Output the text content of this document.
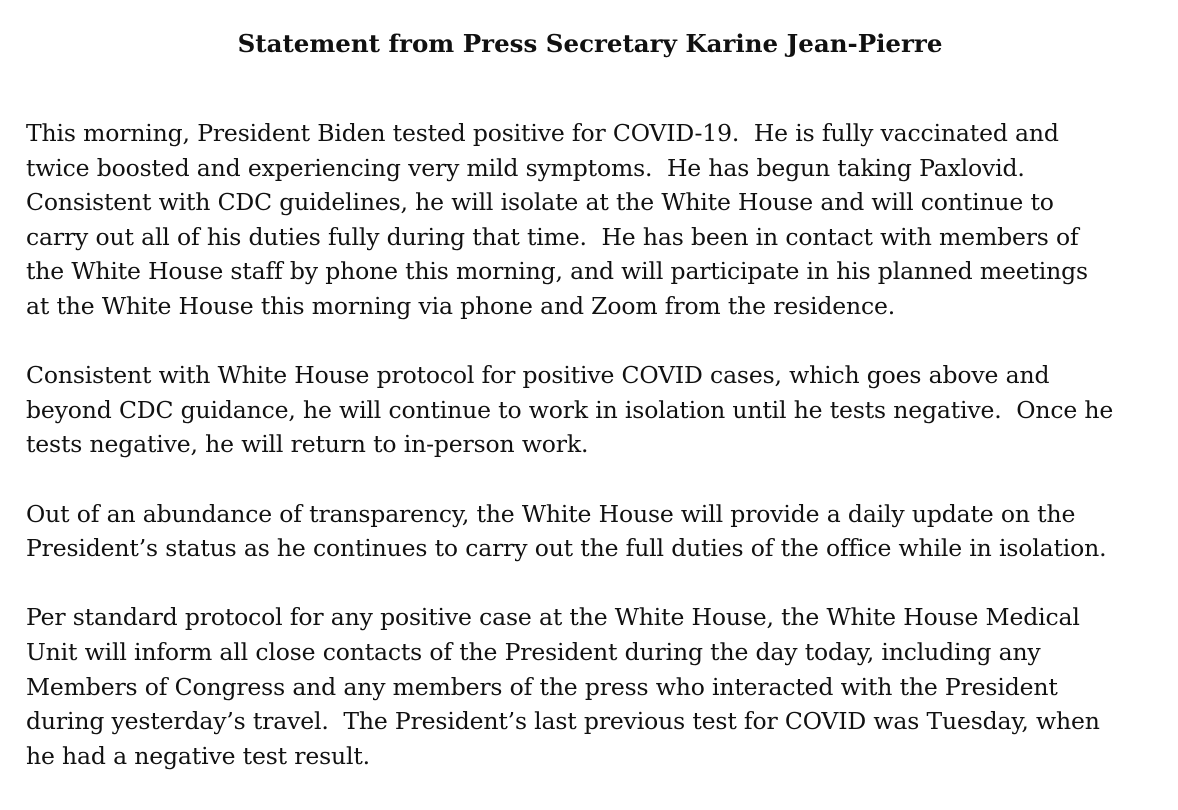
Statement from Press Secretary Karine Jean-Pierre

This morning, President Biden tested positive for COVID-19.  He is fully vaccinated and
twice boosted and experiencing very mild symptoms.  He has begun taking Paxlovid.
Consistent with CDC guidelines, he will isolate at the White House and will continue to
carry out all of his duties fully during that time.  He has been in contact with members of
the White House staff by phone this morning, and will participate in his planned meetings
at the White House this morning via phone and Zoom from the residence.

Consistent with White House protocol for positive COVID cases, which goes above and
beyond CDC guidance, he will continue to work in isolation until he tests negative.  Once he
tests negative, he will return to in-person work.

Out of an abundance of transparency, the White House will provide a daily update on the
President’s status as he continues to carry out the full duties of the office while in isolation.

Per standard protocol for any positive case at the White House, the White House Medical
Unit will inform all close contacts of the President during the day today, including any
Members of Congress and any members of the press who interacted with the President
during yesterday’s travel.  The President’s last previous test for COVID was Tuesday, when
he had a negative test result.
